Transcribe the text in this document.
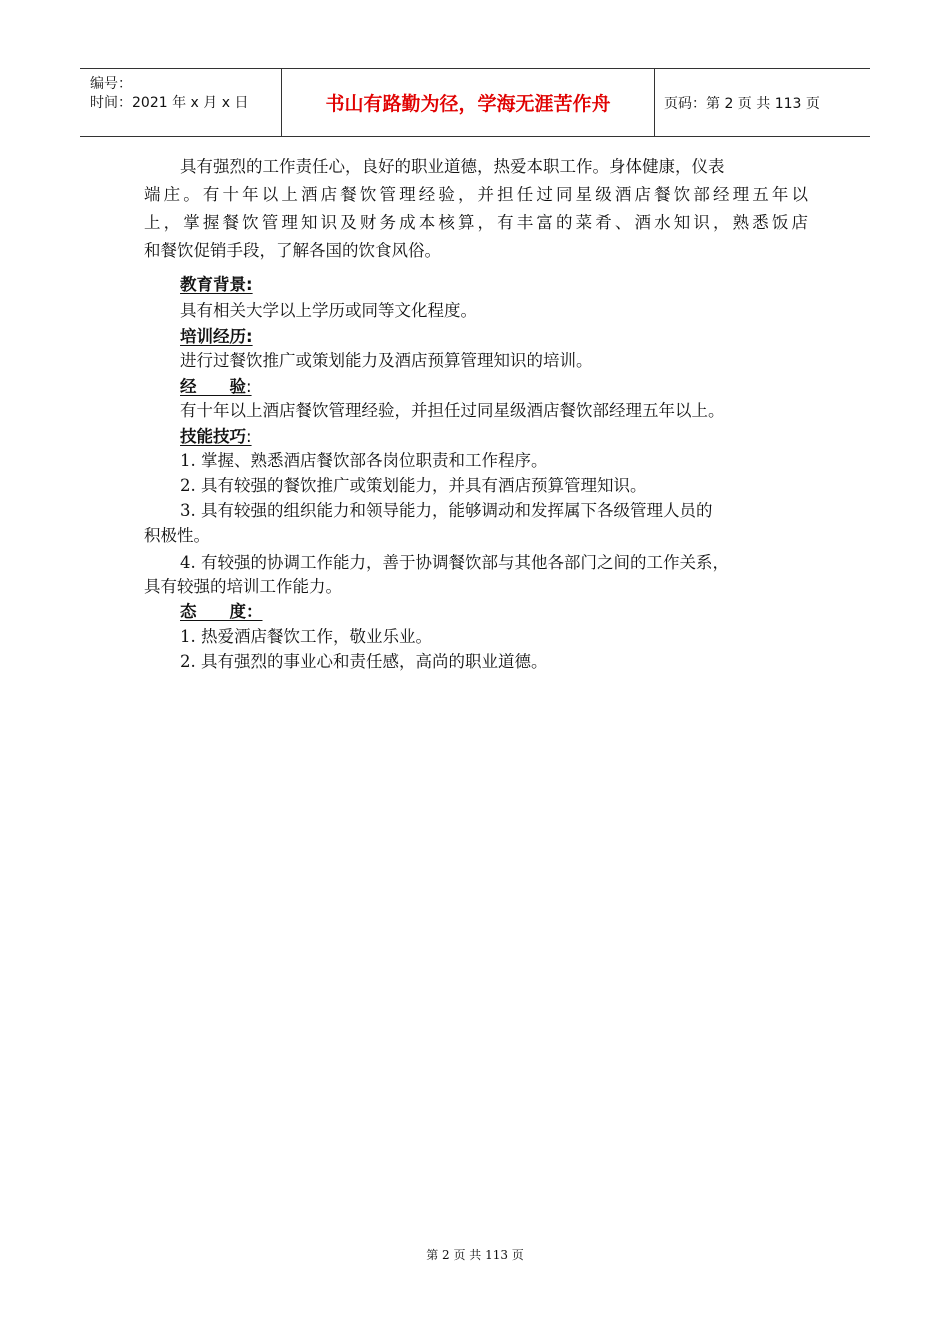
编号：
时间：2021 年 x 月 x 日	书山有路勤为径，学海无涯苦作舟	页码：第 2 页 共 113 页
具有强烈的工作责任心，良好的职业道德，热爱本职工作。身体健康，仪表
端庄。有十年以上酒店餐饮管理经验，并担任过同星级酒店餐饮部经理五年以
上，掌握餐饮管理知识及财务成本核算，有丰富的菜肴、酒水知识，熟悉饭店
和餐饮促销手段，了解各国的饮食风俗。
教育背景:
具有相关大学以上学历或同等文化程度。
培训经历:
进行过餐饮推广或策划能力及酒店预算管理知识的培训。
经　　验:
有十年以上酒店餐饮管理经验，并担任过同星级酒店餐饮部经理五年以上。
技能技巧:
1. 掌握、熟悉酒店餐饮部各岗位职责和工作程序。
2. 具有较强的餐饮推广或策划能力，并具有酒店预算管理知识。
3. 具有较强的组织能力和领导能力，能够调动和发挥属下各级管理人员的
积极性。
4. 有较强的协调工作能力，善于协调餐饮部与其他各部门之间的工作关系，
具有较强的培训工作能力。
态　　度：
1. 热爱酒店餐饮工作，敬业乐业。
2. 具有强烈的事业心和责任感，高尚的职业道德。
第 2 页 共 113 页
